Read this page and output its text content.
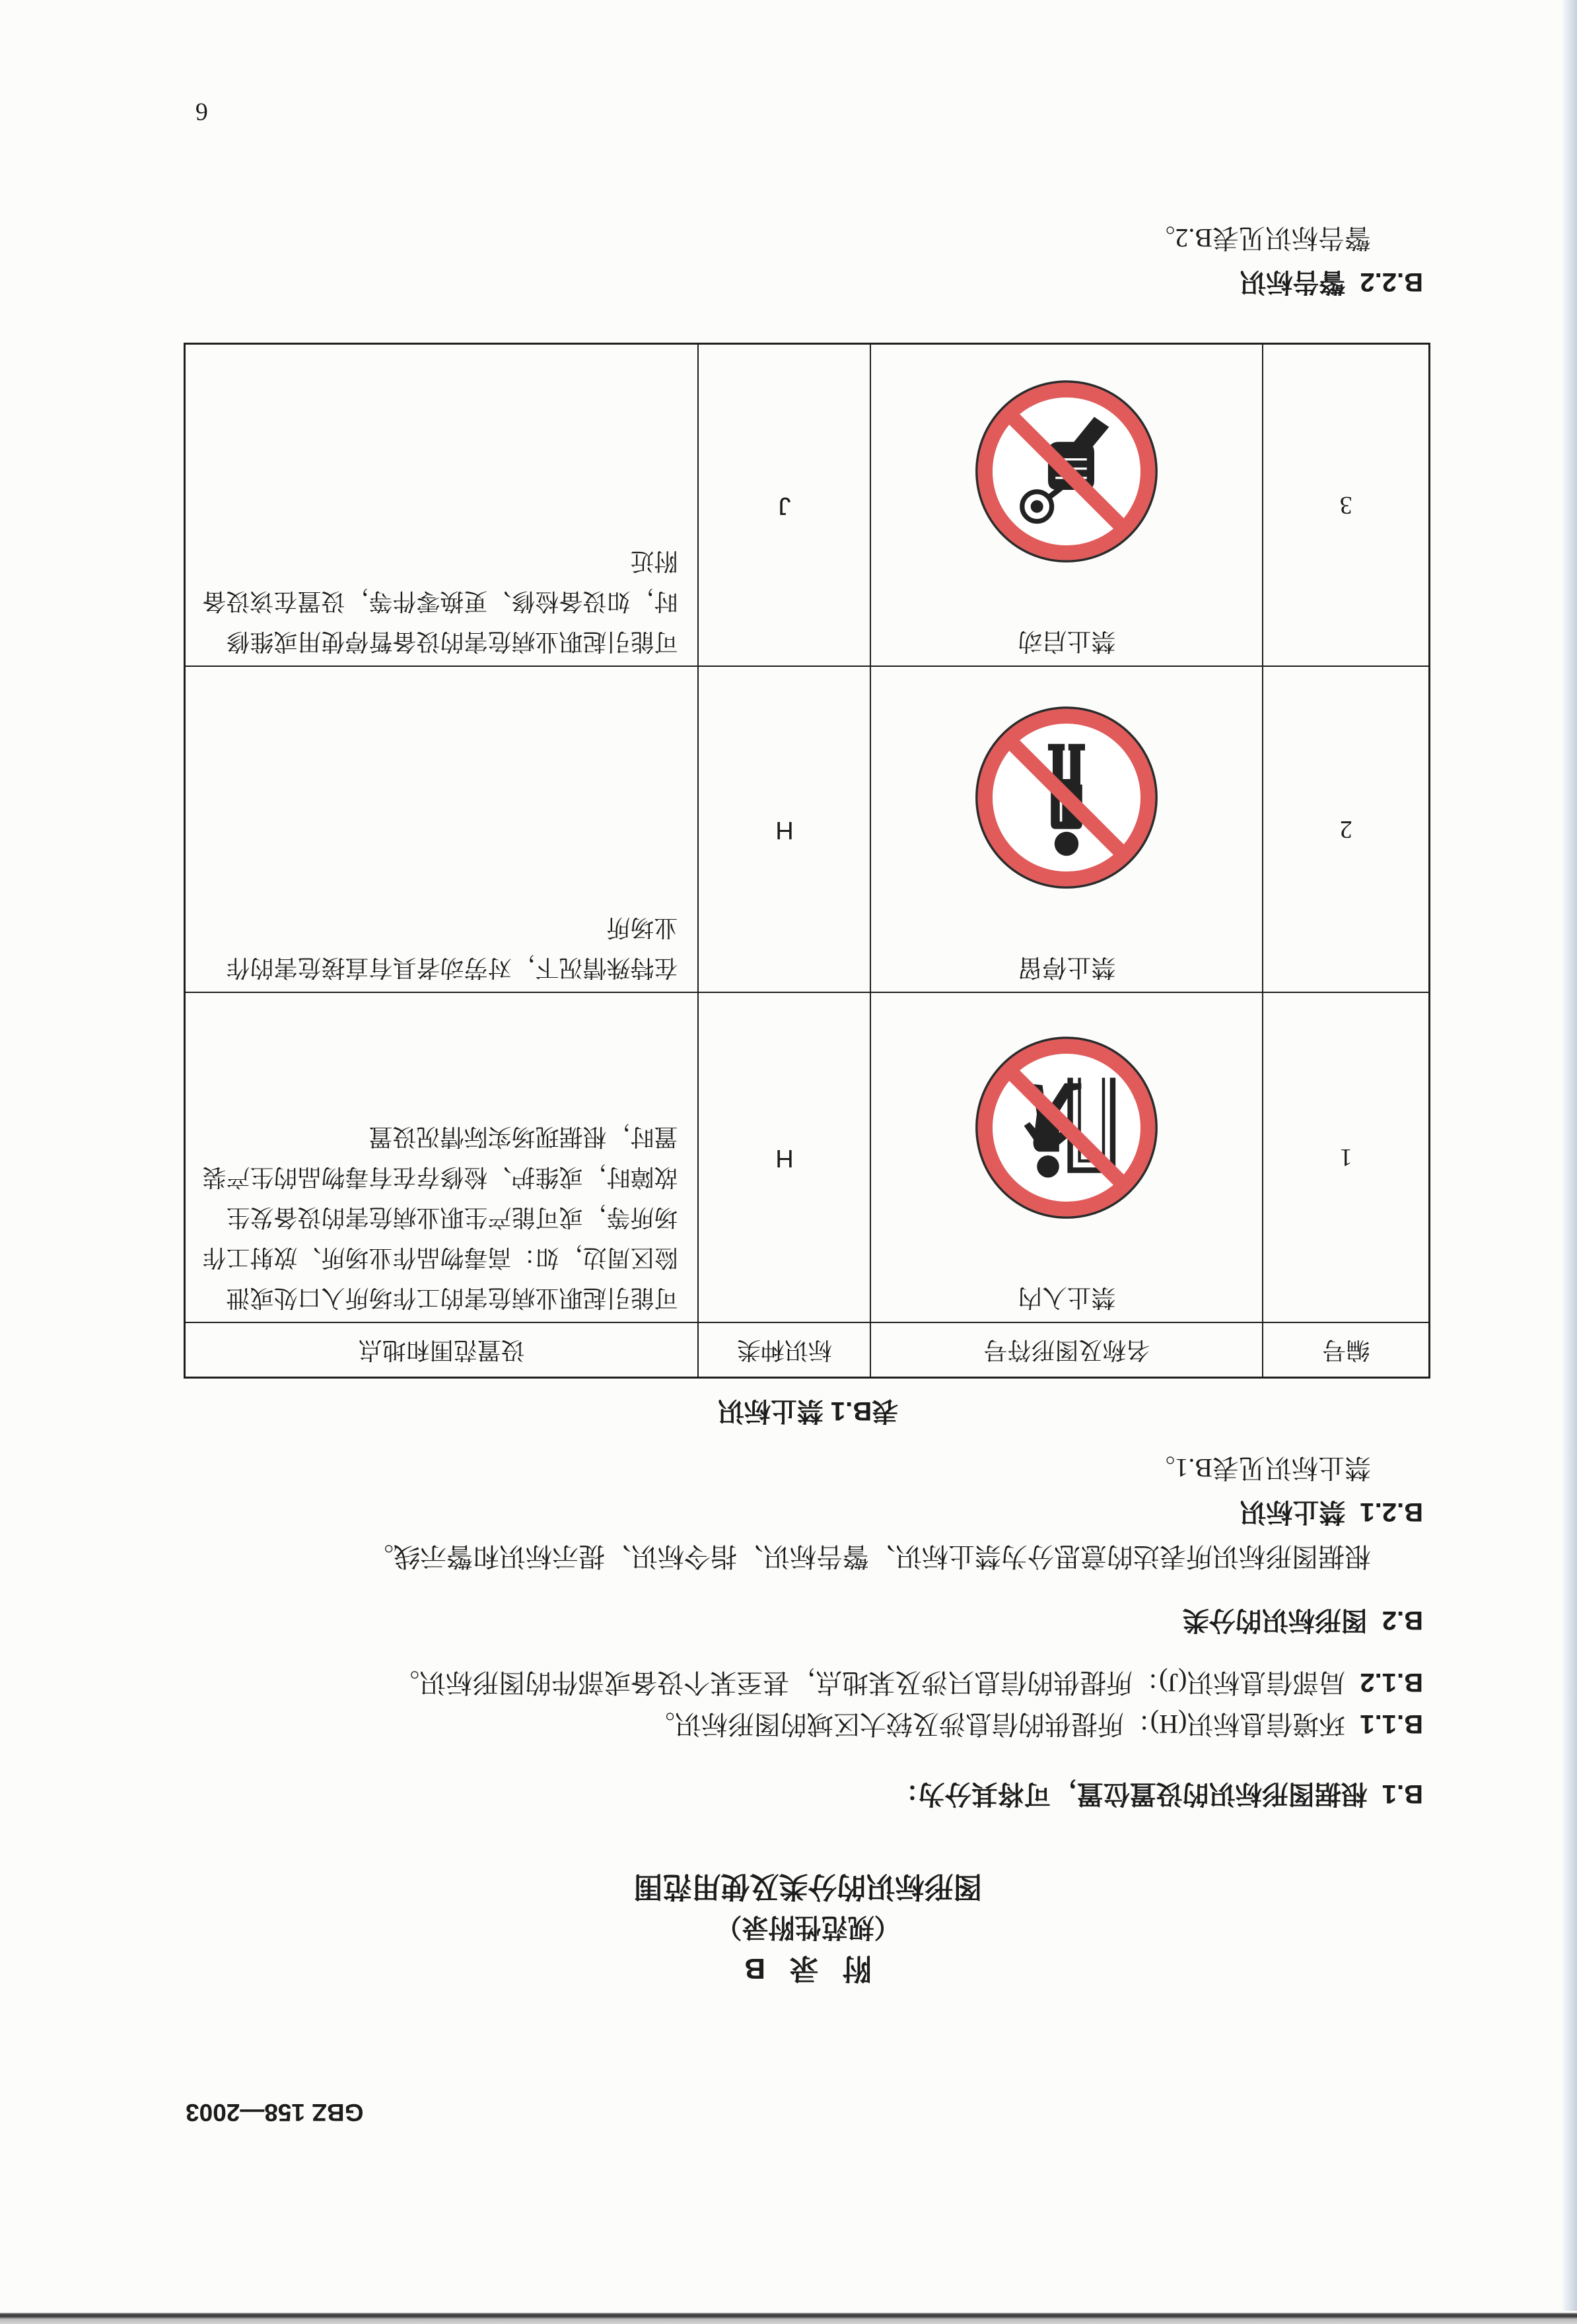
GBZ 158—2003
附 录 B
（规范性附录）
图形标识的分类及使用范围
B.1根据图形标识的设置位置，可将其分为：
B.1.1环境信息标识(H)：所提供的信息涉及较大区域的图形标识。
B.1.2局部信息标识(J)：所提供的信息只涉及某地点，甚至某个设备或部件的图形标识。
B.2图形标识的分类
根据图形标识所表达的意思分为禁止标识、警告标识、指令标识、提示标识和警示线。
B.2.1禁止标识
禁止标识见表B.1。
表B.1 禁止标识
编号	名称及图形符号	标识种类	设置范围和地点
1	禁止入内	H	可能引起职业病危害的工作场所入口处或泄
险区周边，如：高毒物品作业场所、放射工作
场所等，或可能产生职业病危害的设备发生
故障时，或维护、检修存在有毒物品的生产装
置时，根据现场实际情况设置

2	禁止停留	H	在特殊情况下，对劳动者具有直接危害的作
业场所

3	禁止启动	J	可能引起职业病危害的设备暂停使用或维修
时，如设备检修、更换零件等，设置在该设备
附近
B.2.2警告标识
警告标识见表B.2。
6
